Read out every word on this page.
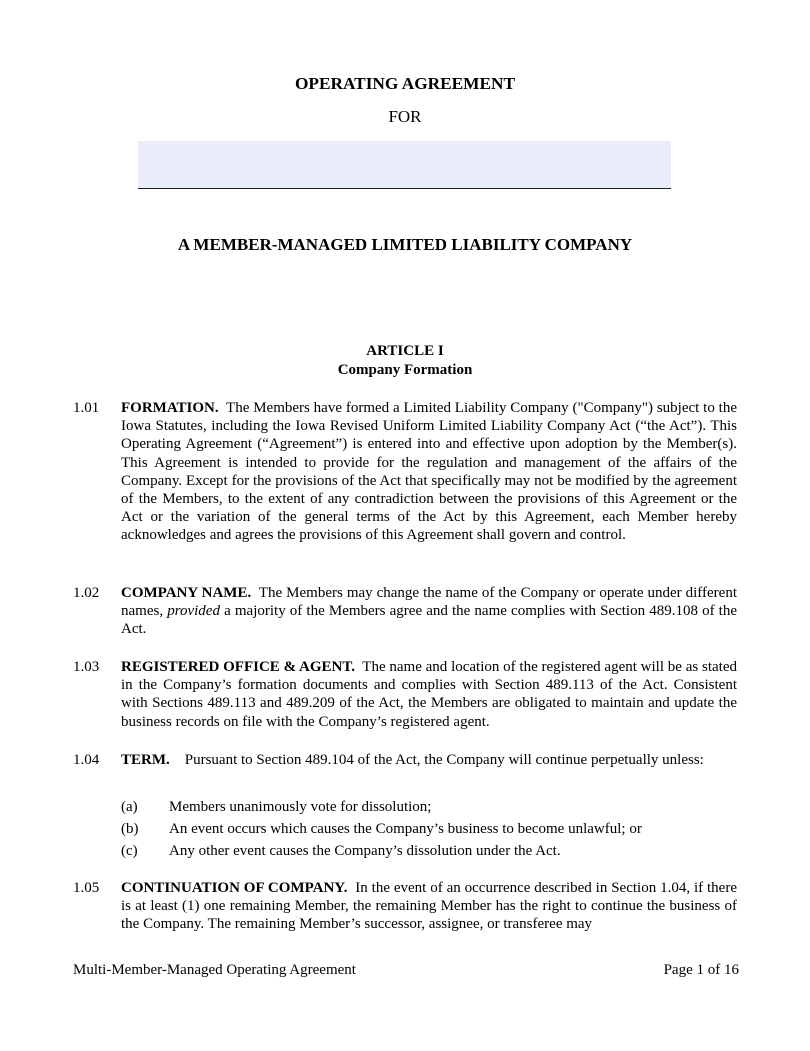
OPERATING AGREEMENT
FOR
A MEMBER-MANAGED LIMITED LIABILITY COMPANY
ARTICLE I
Company Formation
1.01 FORMATION. The Members have formed a Limited Liability Company ("Company") subject to the Iowa Statutes, including the Iowa Revised Uniform Limited Liability Company Act (“the Act”). This Operating Agreement (“Agreement”) is entered into and effective upon adoption by the Member(s). This Agreement is intended to provide for the regulation and management of the affairs of the Company. Except for the provisions of the Act that specifically may not be modified by the agreement of the Members, to the extent of any contradiction between the provisions of this Agreement or the Act or the variation of the general terms of the Act by this Agreement, each Member hereby acknowledges and agrees the provisions of this Agreement shall govern and control.
1.02 COMPANY NAME. The Members may change the name of the Company or operate under different names, provided a majority of the Members agree and the name complies with Section 489.108 of the Act.
1.03 REGISTERED OFFICE & AGENT. The name and location of the registered agent will be as stated in the Company’s formation documents and complies with Section 489.113 of the Act. Consistent with Sections 489.113 and 489.209 of the Act, the Members are obligated to maintain and update the business records on file with the Company’s registered agent.
1.04 TERM. Pursuant to Section 489.104 of the Act, the Company will continue perpetually unless:
(a) Members unanimously vote for dissolution;
(b) An event occurs which causes the Company’s business to become unlawful; or
(c) Any other event causes the Company’s dissolution under the Act.
1.05 CONTINUATION OF COMPANY. In the event of an occurrence described in Section 1.04, if there is at least (1) one remaining Member, the remaining Member has the right to continue the business of the Company. The remaining Member’s successor, assignee, or transferee may
Multi-Member-Managed Operating Agreement	Page 1 of 16
